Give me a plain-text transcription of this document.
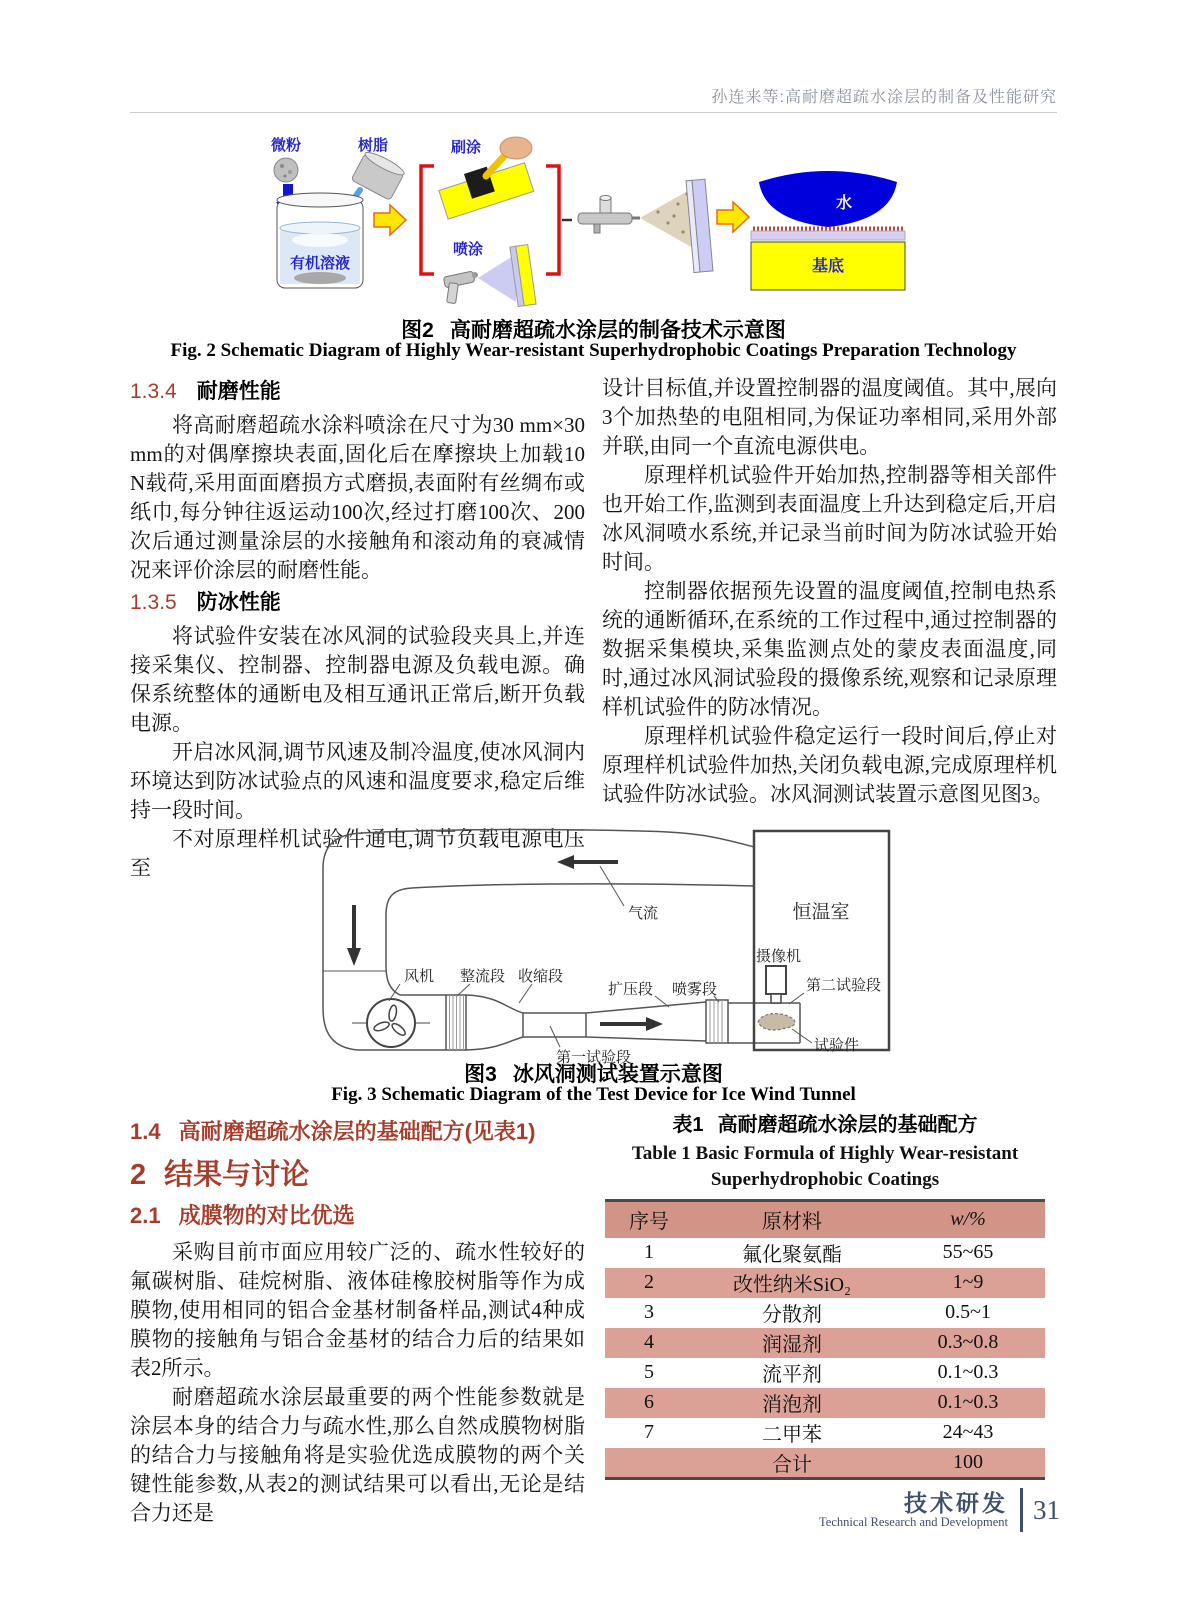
孙连来等:高耐磨超疏水涂层的制备及性能研究
微粉	树脂
有机溶液
刷涂
喷涂
水
基底
图2 高耐磨超疏水涂层的制备技术示意图
Fig. 2 Schematic Diagram of Highly Wear-resistant Superhydrophobic Coatings Preparation Technology

1.3.4 耐磨性能

将高耐磨超疏水涂料喷涂在尺寸为30 mm×30 mm的对偶摩擦块表面,固化后在摩擦块上加载10 N载荷,采用面面磨损方式磨损,表面附有丝绸布或纸巾,每分钟往返运动100次,经过打磨100次、200次后通过测量涂层的水接触角和滚动角的衰减情况来评价涂层的耐磨性能。

1.3.5 防冰性能

将试验件安装在冰风洞的试验段夹具上,并连接采集仪、控制器、控制器电源及负载电源。确保系统整体的通断电及相互通讯正常后,断开负载电源。

开启冰风洞,调节风速及制冷温度,使冰风洞内环境达到防冰试验点的风速和温度要求,稳定后维持一段时间。

不对原理样机试验件通电,调节负载电源电压至

设计目标值,并设置控制器的温度阈值。其中,展向3个加热垫的电阻相同,为保证功率相同,采用外部并联,由同一个直流电源供电。

原理样机试验件开始加热,控制器等相关部件也开始工作,监测到表面温度上升达到稳定后,开启冰风洞喷水系统,并记录当前时间为防冰试验开始时间。

控制器依据预先设置的温度阈值,控制电热系统的通断循环,在系统的工作过程中,通过控制器的数据采集模块,采集监测点处的蒙皮表面温度,同时,通过冰风洞试验段的摄像系统,观察和记录原理样机试验件的防冰情况。

原理样机试验件稳定运行一段时间后,停止对原理样机试验件加热,关闭负载电源,完成原理样机试验件防冰试验。冰风洞测试装置示意图见图3。

恒温室
气流
风机 整流段 收缩段
扩压段 喷雾段
摄像机
第二试验段
第一试验段
试验件
图3 冰风洞测试装置示意图
Fig. 3 Schematic Diagram of the Test Device for Ice Wind Tunnel

1.4 高耐磨超疏水涂层的基础配方(见表1)

2 结果与讨论

2.1 成膜物的对比优选

采购目前市面应用较广泛的、疏水性较好的氟碳树脂、硅烷树脂、液体硅橡胶树脂等作为成膜物,使用相同的铝合金基材制备样品,测试4种成膜物的接触角与铝合金基材的结合力后的结果如表2所示。

耐磨超疏水涂层最重要的两个性能参数就是涂层本身的结合力与疏水性,那么自然成膜物树脂的结合力与接触角将是实验优选成膜物的两个关键性能参数,从表2的测试结果可以看出,无论是结合力还是

表1 高耐磨超疏水涂层的基础配方
Table 1 Basic Formula of Highly Wear-resistant
Superhydrophobic Coatings
序号	原材料	w/%
1	氟化聚氨酯	55~65
2	改性纳米SiO₂	1~9
3	分散剂	0.5~1
4	润湿剂	0.3~0.8
5	流平剂	0.1~0.3
6	消泡剂	0.1~0.3
7	二甲苯	24~43
	合计	100
技术研发
Technical Research and Development 31
